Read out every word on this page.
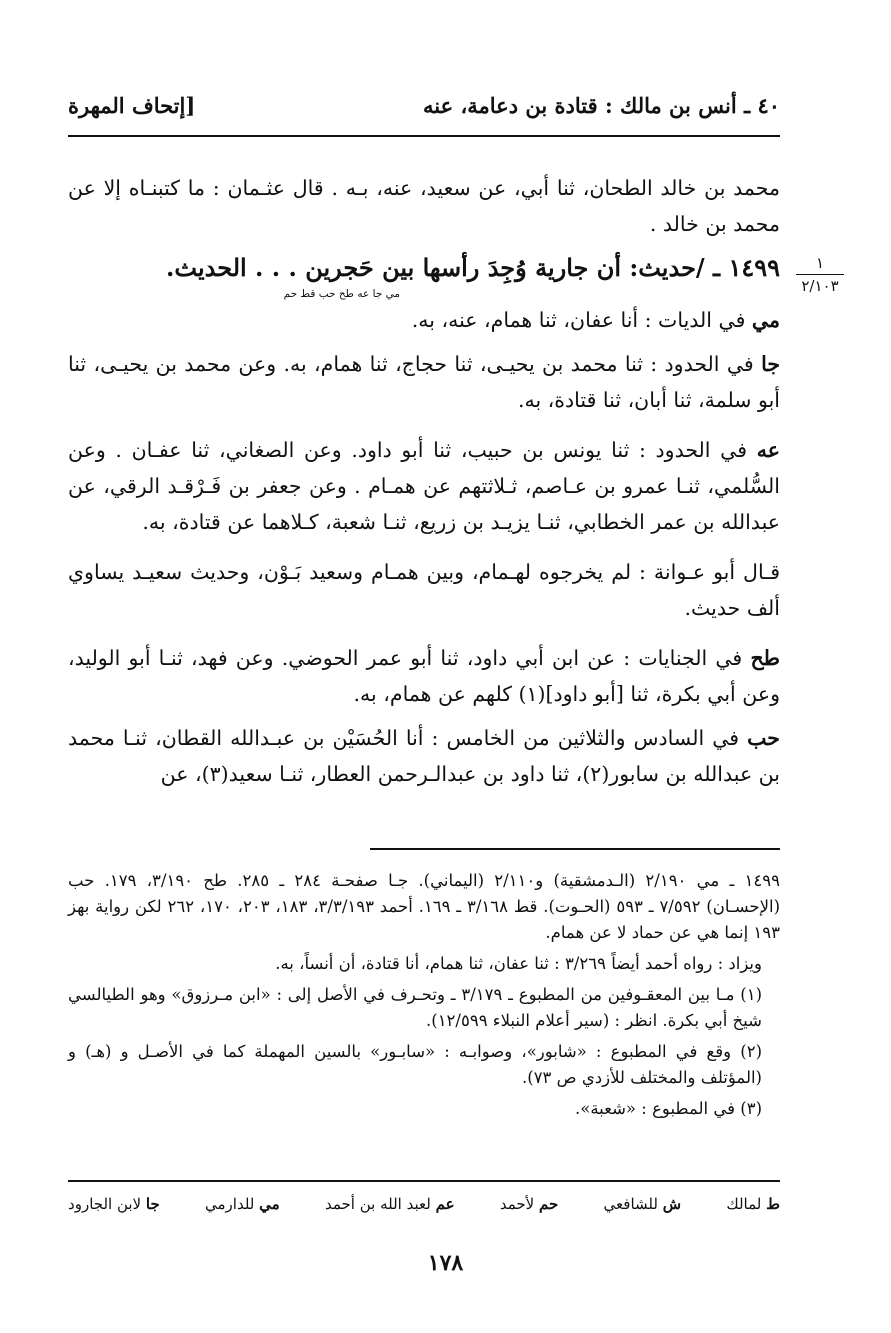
٤٠ ـ أنس بن مالك : قتادة بن دعامة، عنه
[إتحاف المهرة
١
٢/١٠٣

محمد بن خالد الطحان، ثنا أبي، عن سعيد، عنه، بـه . قال عثـمان : ما كتبنـاه إلا عن محمد بن خالد .

١٤٩٩ ـ /حديث: أن جارية وُجِدَ رأسها بين حَجرين . . . الحديث.

مي جا عه طح حب قط حم

مي في الديات : أنا عفان، ثنا همام، عنه، به.

جا في الحدود : ثنا محمد بن يحيـى، ثنا حجاج، ثنا همام، به. وعن محمد بن يحيـى، ثنا أبو سلمة، ثنا أبان، ثنا قتادة، به.

عه في الحدود : ثنا يونس بن حبيب، ثنا أبو داود. وعن الصغاني، ثنا عفـان . وعن السُّلمي، ثنـا عمرو بن عـاصم، ثـلاثتهم عن همـام . وعن جعفر بن فَـرْقـد الرقي، عن عبدالله بن عمر الخطابي، ثنـا يزيـد بن زريع، ثنـا شعبة، كـلاهما عن قتادة، به.

قـال أبو عـوانة : لم يخرجوه لهـمام، وبين همـام وسعيد بَـوْن، وحديث سعيـد يساوي ألف حديث.

طح في الجنايات : عن ابن أبي داود، ثنا أبو عمر الحوضي. وعن فهد، ثنـا أبو الوليد، وعن أبي بكرة، ثنا [أبو داود](١) كلهم عن همام، به.

حب في السادس والثلاثين من الخامس : أنا الحُسَيْن بن عبـدالله القطان، ثنـا محمد بن عبدالله بن سابور(٢)، ثنا داود بن عبدالـرحمن العطار، ثنـا سعيد(٣)، عن

١٤٩٩ ـ مي ٢/١٩٠ (الـدمشقية) و٢/١١٠ (اليماني). جـا صفحـة ٢٨٤ ـ ٢٨٥. طح ٣/١٩٠، ١٧٩. حب (الإحسـان) ٧/٥٩٢ ـ ٥٩٣ (الحـوت). قط ٣/١٦٨ ـ ١٦٩. أحمد ٣/٣/١٩٣، ١٨٣، ٢٠٣، ١٧٠، ٢٦٢ لكن رواية بهز ١٩٣ إنما هي عن حماد لا عن همام.

ويزاد : رواه أحمد أيضاً ٣/٢٦٩ : ثنا عفان، ثنا همام، أنا قتادة، أن أنساً، به.

(١) مـا بين المعقـوفين من المطبوع ـ ٣/١٧٩ ـ وتحـرف في الأصل إلى : «ابن مـرزوق» وهو الطيالسي شيخ أبي بكرة. انظر : (سير أعلام النبلاء ١٢/٥٩٩).

(٢) وقع في المطبوع : «شابور»، وصوابـه : «سابـور» بالسين المهملة كما في الأصـل و (هـ) و (المؤتلف والمختلف للأزدي ص ٧٣).

(٣) في المطبوع : «شعبة».

ط لمالك
ش للشافعي
حم لأحمد
عم لعبد الله بن أحمد
مي للدارمي
جا لابن الجارود
١٧٨
